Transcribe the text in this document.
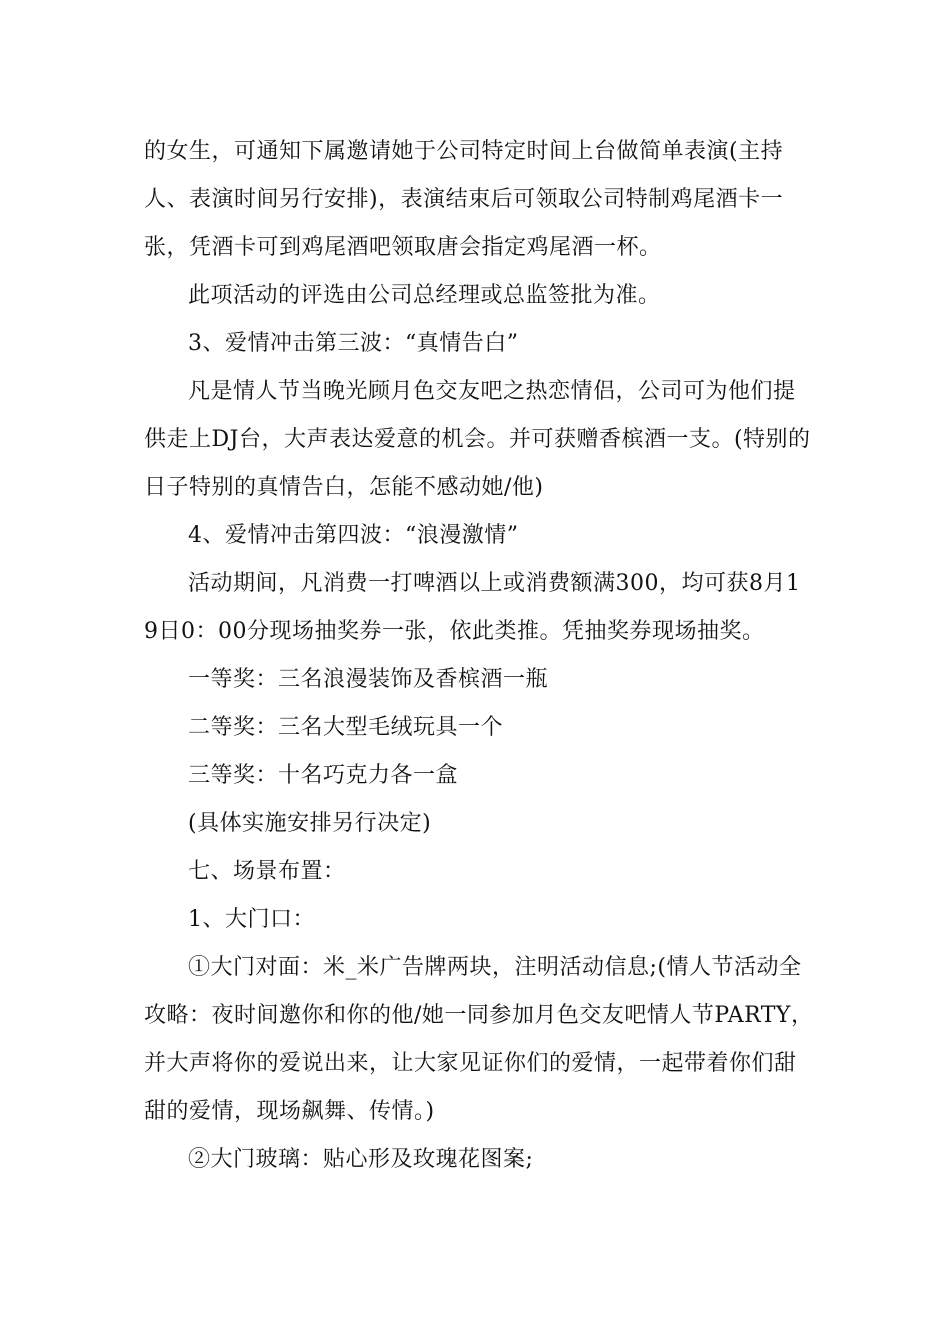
的女生，可通知下属邀请她于公司特定时间上台做简单表演(主持人、表演时间另行安排)，表演结束后可领取公司特制鸡尾酒卡一张，凭酒卡可到鸡尾酒吧领取唐会指定鸡尾酒一杯。

此项活动的评选由公司总经理或总监签批为准。

3、爱情冲击第三波：“真情告白”

凡是情人节当晚光顾月色交友吧之热恋情侣，公司可为他们提供走上DJ台，大声表达爱意的机会。并可获赠香槟酒一支。(特别的日子特别的真情告白，怎能不感动她/他)

4、爱情冲击第四波：“浪漫激情”

活动期间，凡消费一打啤酒以上或消费额满300，均可获8月19日0：00分现场抽奖券一张，依此类推。凭抽奖券现场抽奖。

一等奖：三名浪漫装饰及香槟酒一瓶

二等奖：三名大型毛绒玩具一个

三等奖：十名巧克力各一盒

(具体实施安排另行决定)

七、场景布置：

1、大门口：

①大门对面：米_米广告牌两块，注明活动信息;(情人节活动全攻略：夜时间邀你和你的他/她一同参加月色交友吧情人节PARTY，并大声将你的爱说出来，让大家见证你们的爱情，一起带着你们甜甜的爱情，现场飙舞、传情。)

②大门玻璃：贴心形及玫瑰花图案;
